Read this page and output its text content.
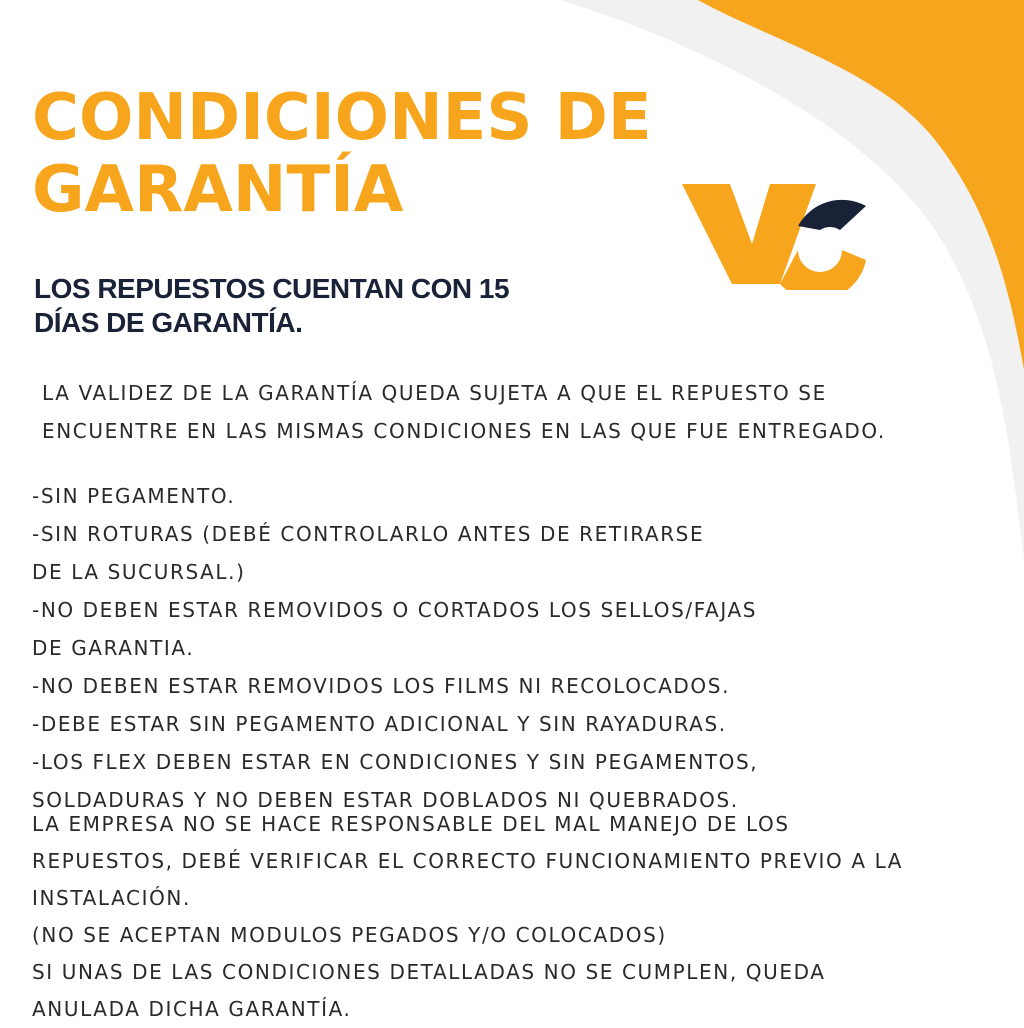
CONDICIONES DE
GARANTÍA
LOS REPUESTOS CUENTAN CON 15
DÍAS DE GARANTÍA.
LA VALIDEZ DE LA GARANTÍA QUEDA SUJETA A QUE EL REPUESTO SE
ENCUENTRE EN LAS MISMAS CONDICIONES EN LAS QUE FUE ENTREGADO.
-SIN PEGAMENTO.
-SIN ROTURAS (DEBÉ CONTROLARLO ANTES DE RETIRARSE
DE LA SUCURSAL.)
-NO DEBEN ESTAR REMOVIDOS O CORTADOS LOS SELLOS/FAJAS
DE GARANTIA.
-NO DEBEN ESTAR REMOVIDOS LOS FILMS NI RECOLOCADOS.
-DEBE ESTAR SIN PEGAMENTO ADICIONAL Y SIN RAYADURAS.
-LOS FLEX DEBEN ESTAR EN CONDICIONES Y SIN PEGAMENTOS,
SOLDADURAS Y NO DEBEN ESTAR DOBLADOS NI QUEBRADOS.
LA EMPRESA NO SE HACE RESPONSABLE DEL MAL MANEJO DE LOS
REPUESTOS, DEBÉ VERIFICAR EL CORRECTO FUNCIONAMIENTO PREVIO A LA
INSTALACIÓN.
(NO SE ACEPTAN MODULOS PEGADOS Y/O COLOCADOS)
SI UNAS DE LAS CONDICIONES DETALLADAS NO SE CUMPLEN, QUEDA
ANULADA DICHA GARANTÍA.
